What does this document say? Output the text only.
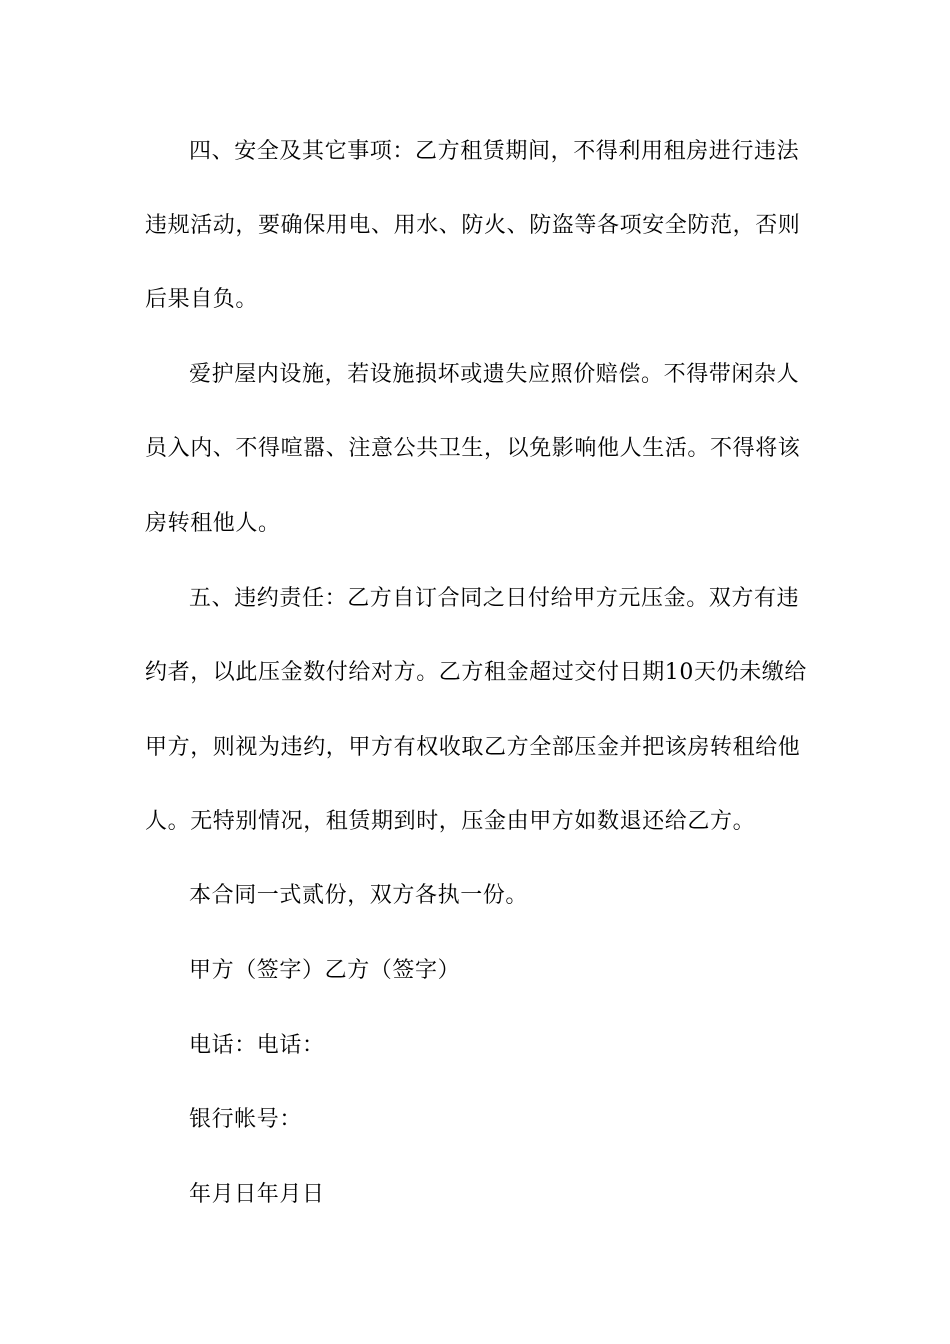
四、安全及其它事项：乙方租赁期间，不得利用租房进行违法
违规活动，要确保用电、用水、防火、防盗等各项安全防范，否则
后果自负。
爱护屋内设施，若设施损坏或遗失应照价赔偿。不得带闲杂人
员入内、不得喧嚣、注意公共卫生，以免影响他人生活。不得将该
房转租他人。
五、违约责任：乙方自订合同之日付给甲方元压金。双方有违
约者，以此压金数付给对方。乙方租金超过交付日期10天仍未缴给
甲方，则视为违约，甲方有权收取乙方全部压金并把该房转租给他
人。无特别情况，租赁期到时，压金由甲方如数退还给乙方。
本合同一式贰份，双方各执一份。
甲方（签字）乙方（签字）
电话：电话：
银行帐号：
年月日年月日
